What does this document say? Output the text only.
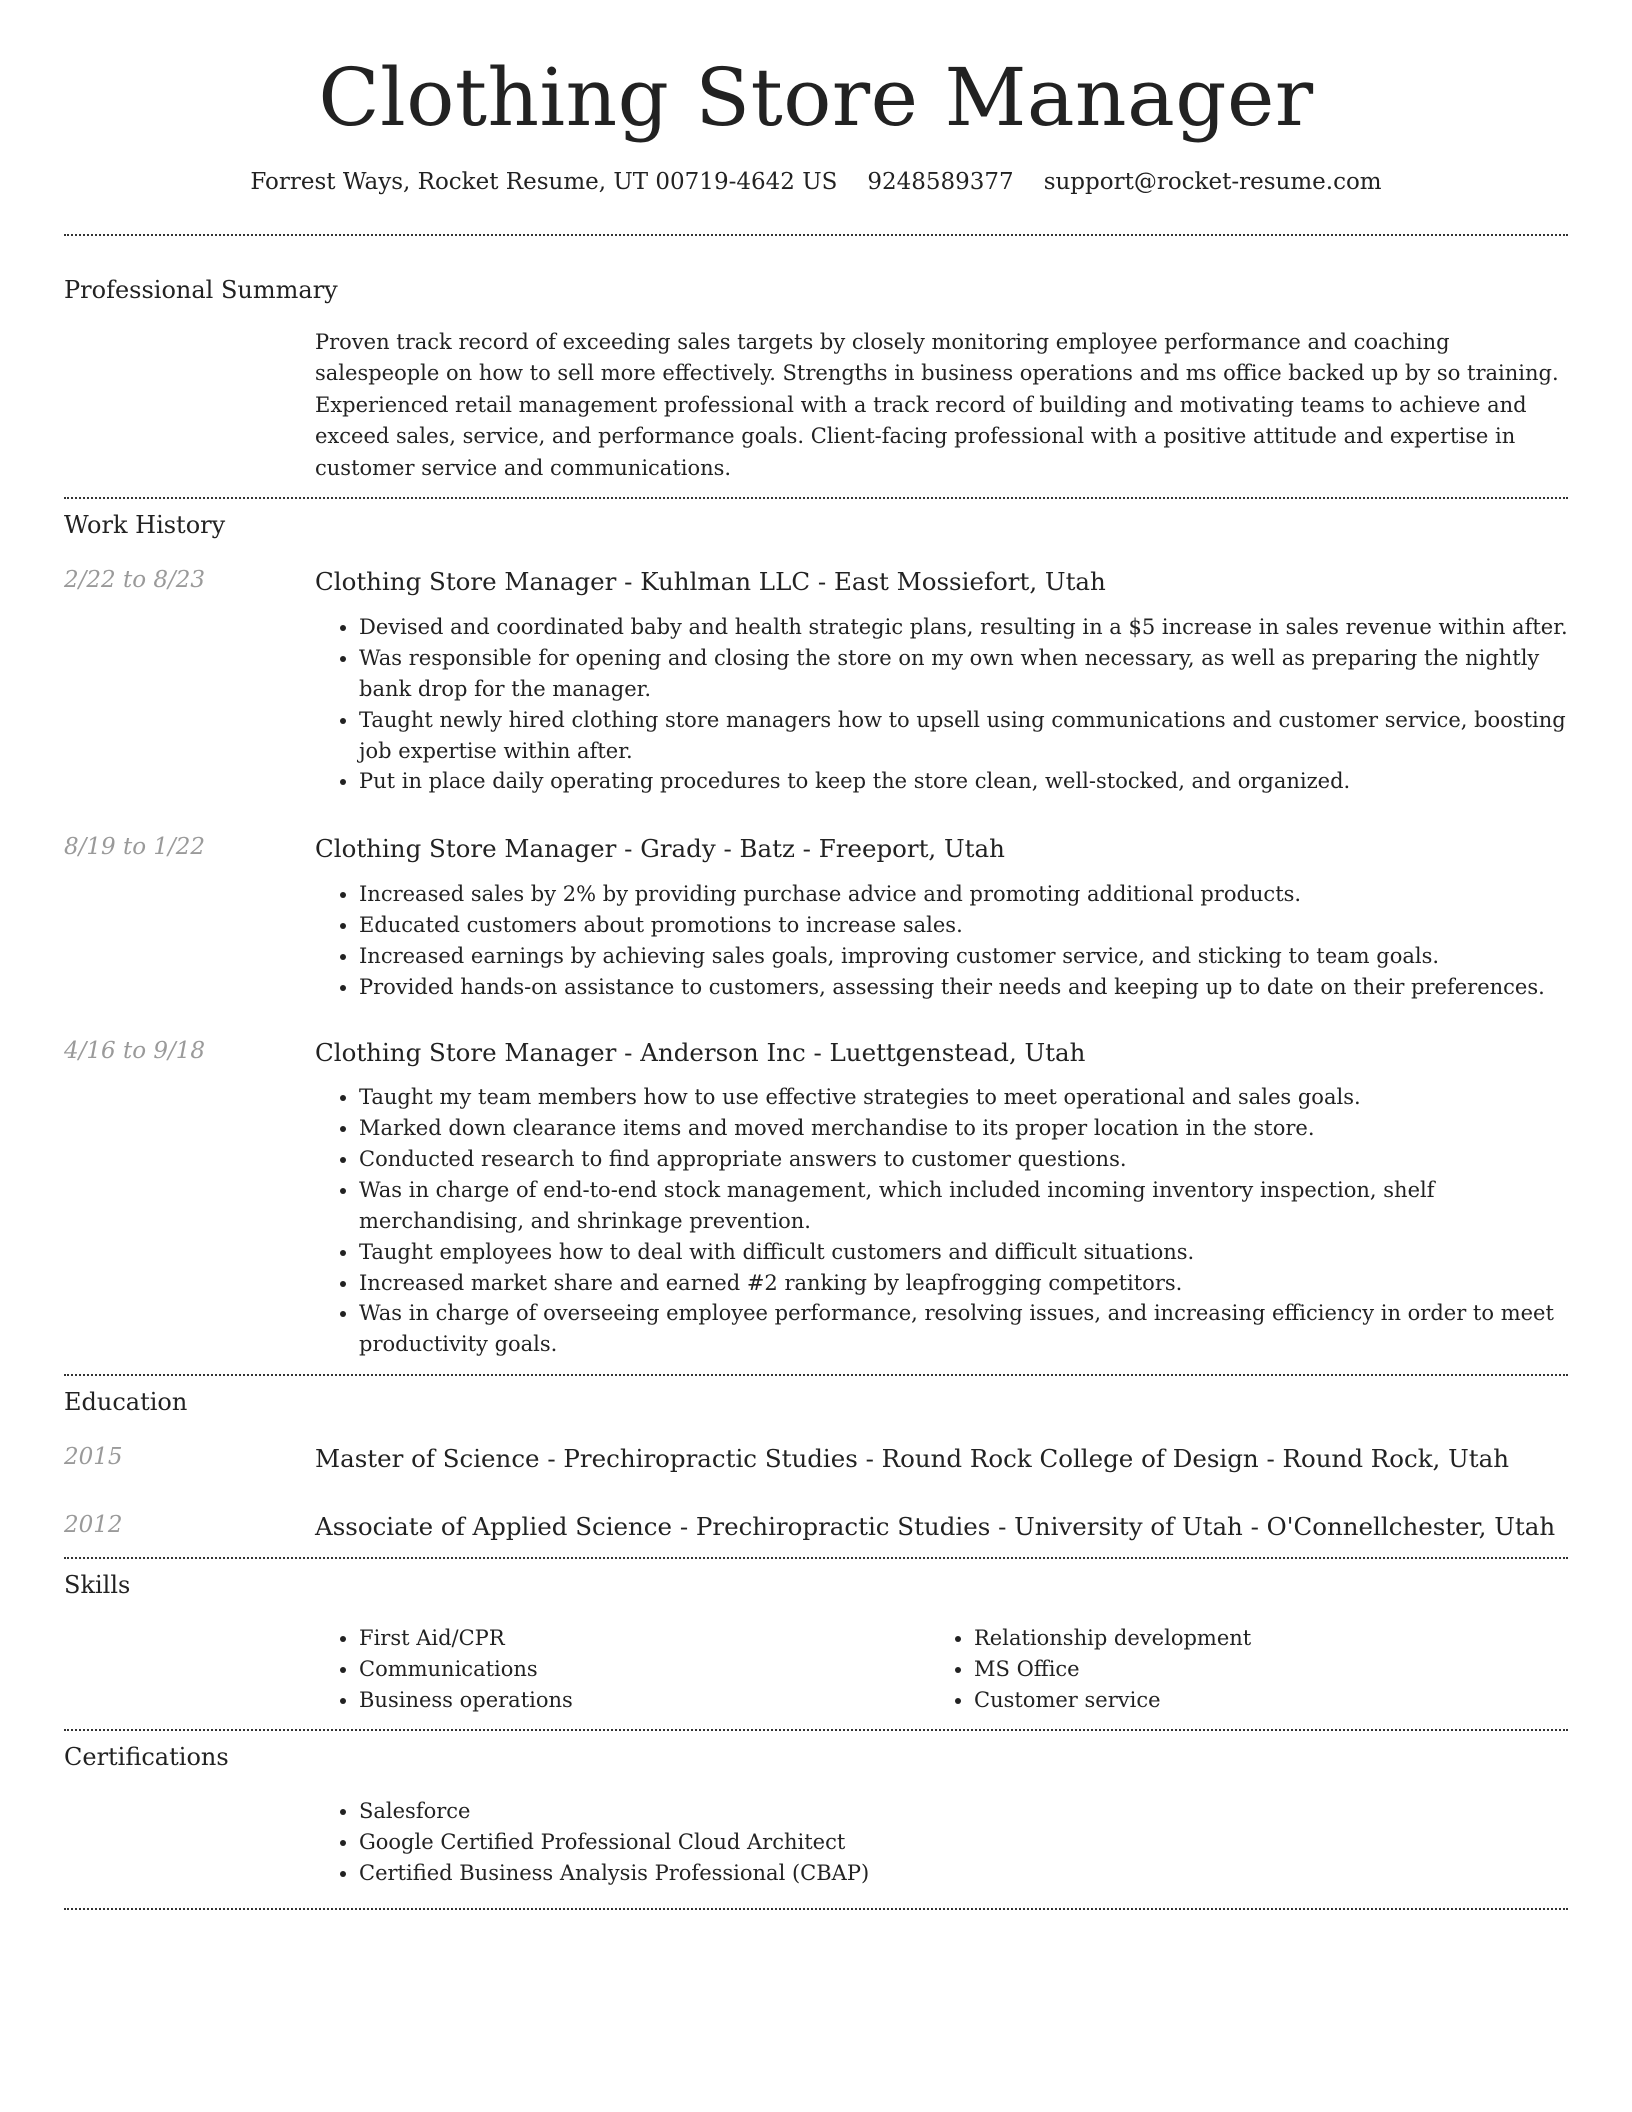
Clothing Store Manager
Forrest Ways, Rocket Resume, UT 00719-4642 US 9248589377 support@rocket-resume.com
Professional Summary
Proven track record of exceeding sales targets by closely monitoring employee performance and coaching salespeople on how to sell more effectively. Strengths in business operations and ms office backed up by so training. Experienced retail management professional with a track record of building and motivating teams to achieve and exceed sales, service, and performance goals. Client-facing professional with a positive attitude and expertise in customer service and communications.
Work History
2/22 to 8/23	Clothing Store Manager - Kuhlman LLC - East Mossiefort, Utah
• Devised and coordinated baby and health strategic plans, resulting in a $5 increase in sales revenue within after.
• Was responsible for opening and closing the store on my own when necessary, as well as preparing the nightly bank drop for the manager.
• Taught newly hired clothing store managers how to upsell using communications and customer service, boosting job expertise within after.
• Put in place daily operating procedures to keep the store clean, well-stocked, and organized.
8/19 to 1/22	Clothing Store Manager - Grady - Batz - Freeport, Utah
• Increased sales by 2% by providing purchase advice and promoting additional products.
• Educated customers about promotions to increase sales.
• Increased earnings by achieving sales goals, improving customer service, and sticking to team goals.
• Provided hands-on assistance to customers, assessing their needs and keeping up to date on their preferences.
4/16 to 9/18	Clothing Store Manager - Anderson Inc - Luettgenstead, Utah
• Taught my team members how to use effective strategies to meet operational and sales goals.
• Marked down clearance items and moved merchandise to its proper location in the store.
• Conducted research to find appropriate answers to customer questions.
• Was in charge of end-to-end stock management, which included incoming inventory inspection, shelf merchandising, and shrinkage prevention.
• Taught employees how to deal with difficult customers and difficult situations.
• Increased market share and earned #2 ranking by leapfrogging competitors.
• Was in charge of overseeing employee performance, resolving issues, and increasing efficiency in order to meet productivity goals.
Education
2015	Master of Science - Prechiropractic Studies - Round Rock College of Design - Round Rock, Utah
2012	Associate of Applied Science - Prechiropractic Studies - University of Utah - O'Connellchester, Utah
Skills
• First Aid/CPR
• Communications
• Business operations
• Relationship development
• MS Office
• Customer service
Certifications
• Salesforce
• Google Certified Professional Cloud Architect
• Certified Business Analysis Professional (CBAP)
